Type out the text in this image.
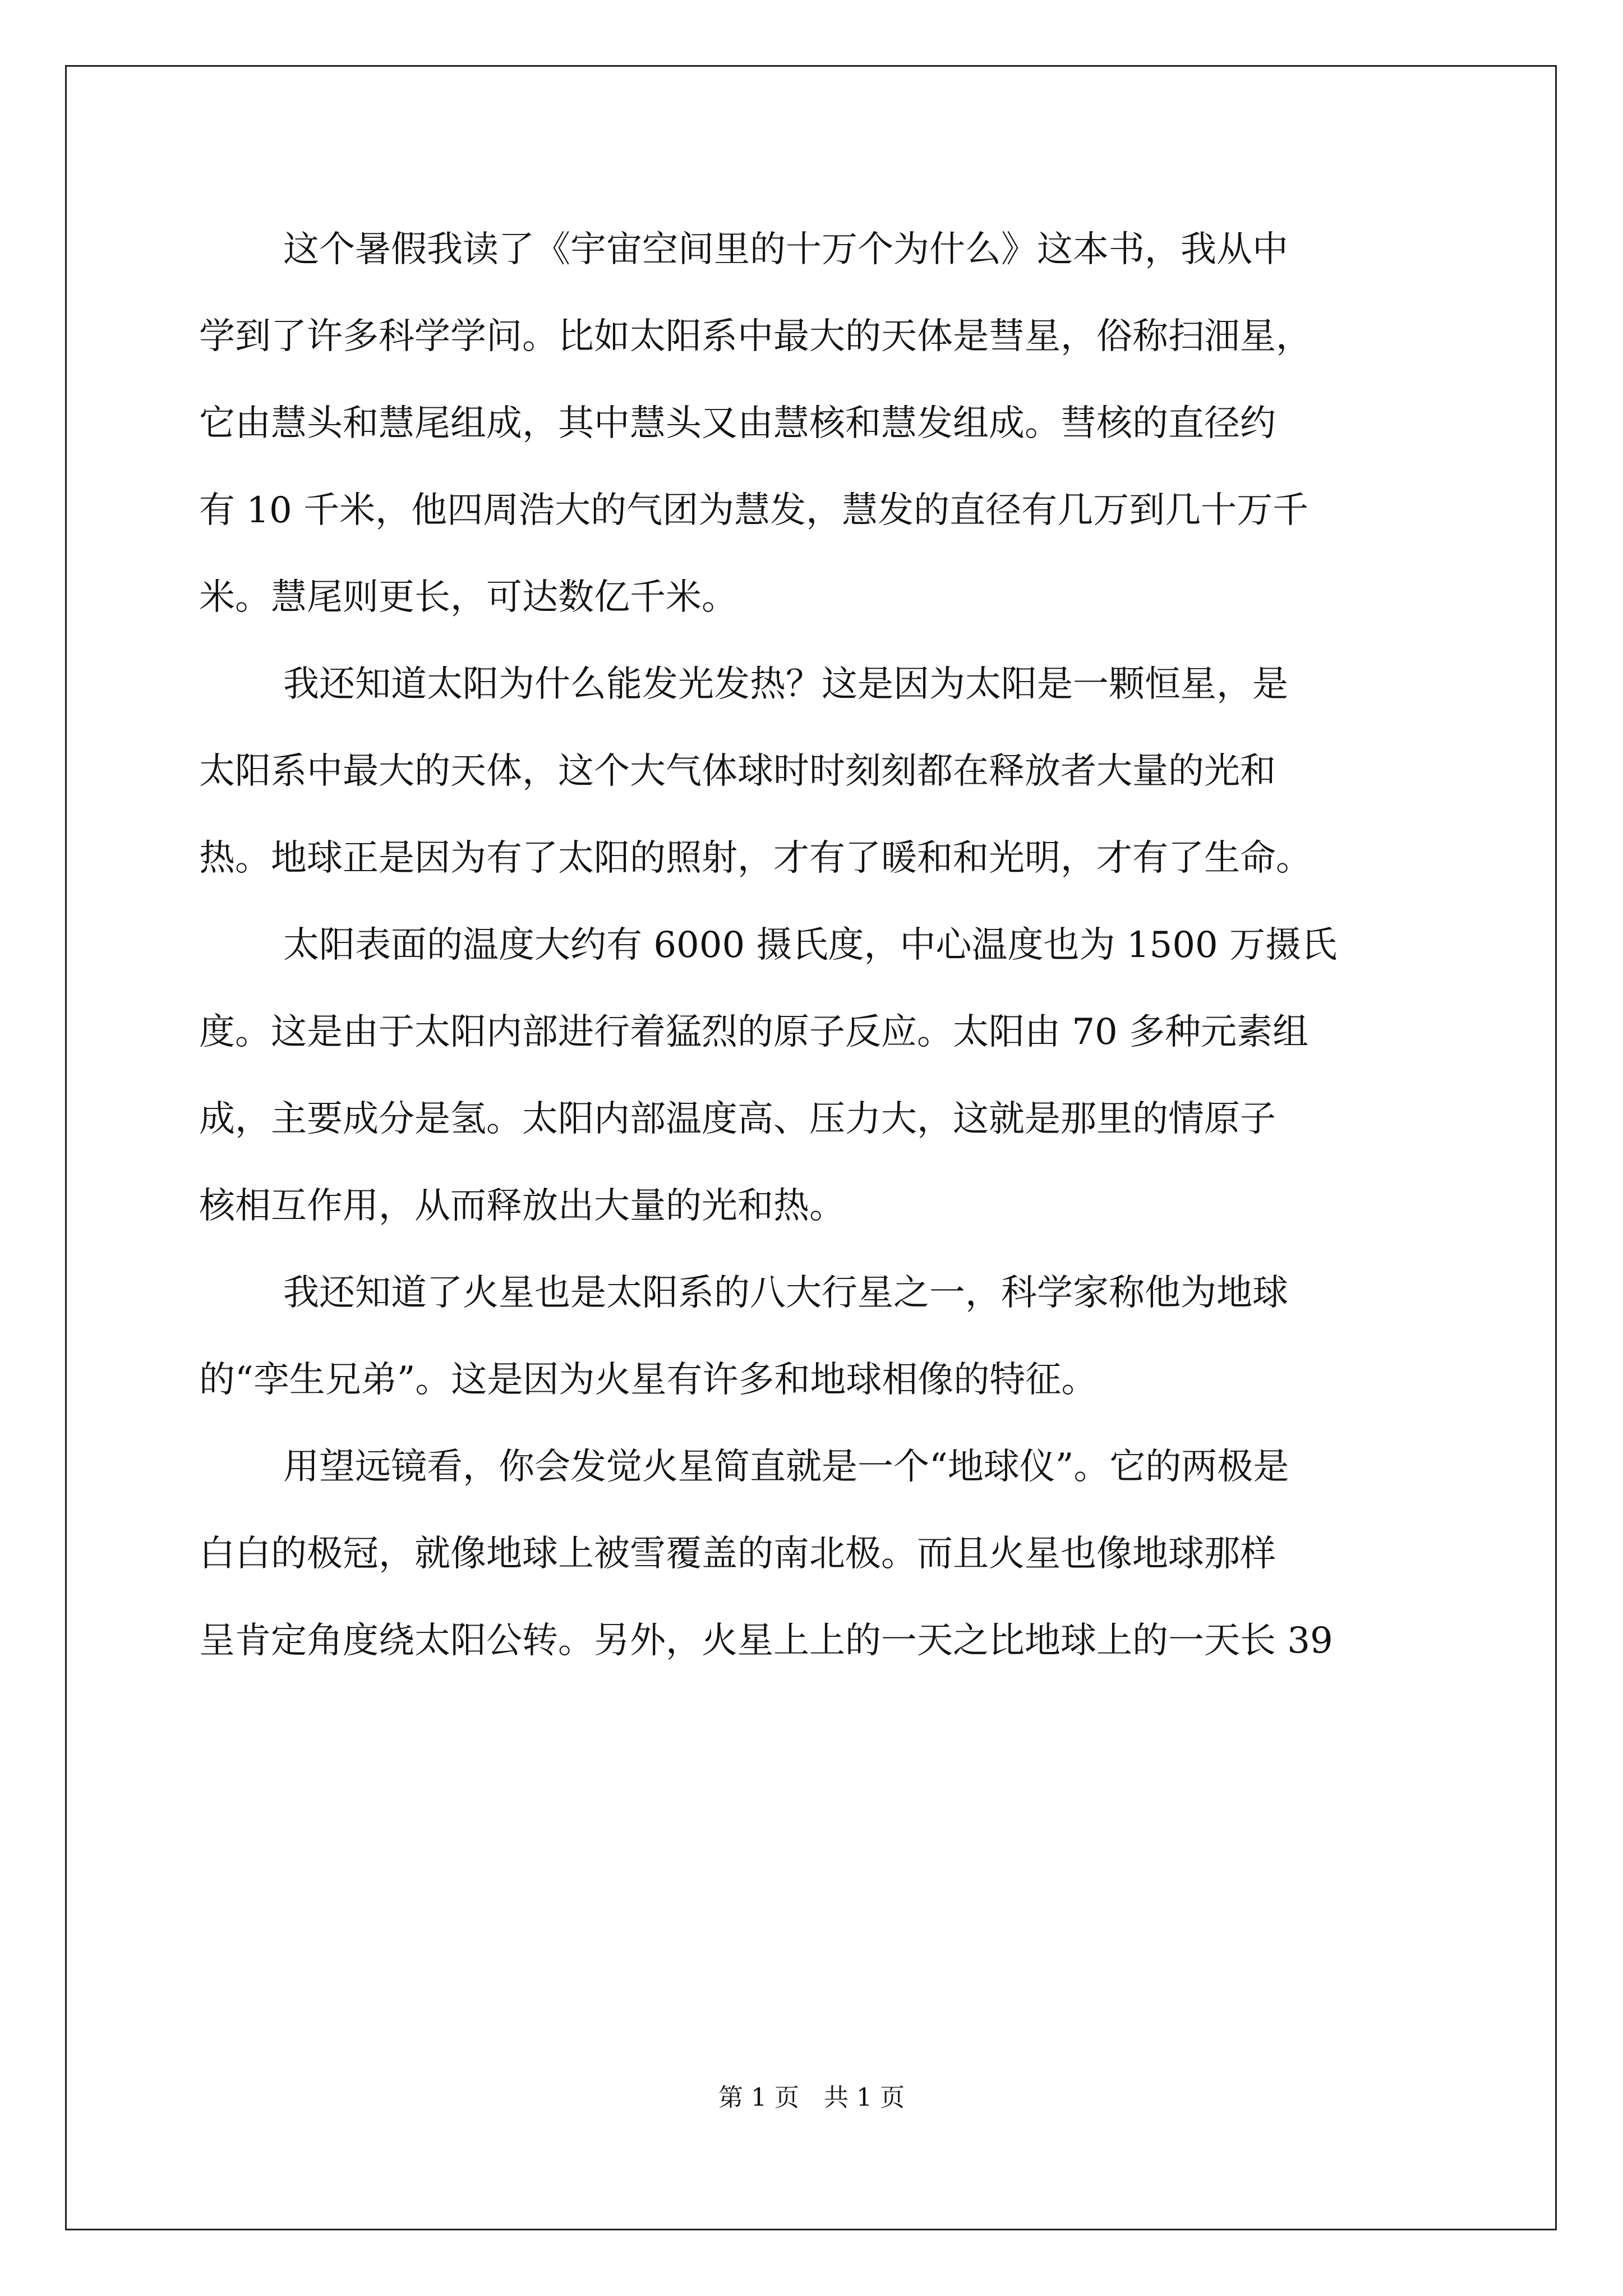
这个暑假我读了《宇宙空间里的十万个为什么》这本书，我从中
学到了许多科学学问。比如太阳系中最大的天体是彗星，俗称扫沺星，
它由慧头和慧尾组成，其中慧头又由慧核和慧发组成。彗核的直径约
有 10 千米，他四周浩大的气团为慧发，慧发的直径有几万到几十万千
米。慧尾则更长，可达数亿千米。
我还知道太阳为什么能发光发热？这是因为太阳是一颗恒星，是
太阳系中最大的天体，这个大气体球时时刻刻都在释放者大量的光和
热。地球正是因为有了太阳的照射，才有了暖和和光明，才有了生命。
太阳表面的温度大约有 6000 摄氏度，中心温度也为 1500 万摄氏
度。这是由于太阳内部进行着猛烈的原子反应。太阳由 70 多种元素组
成，主要成分是氢。太阳内部温度高、压力大，这就是那里的情原子
核相互作用，从而释放出大量的光和热。
我还知道了火星也是太阳系的八大行星之一，科学家称他为地球
的“孪生兄弟”。这是因为火星有许多和地球相像的特征。
用望远镜看，你会发觉火星简直就是一个“地球仪”。它的两极是
白白的极冠，就像地球上被雪覆盖的南北极。而且火星也像地球那样
呈肯定角度绕太阳公转。另外，火星上上的一天之比地球上的一天长 39
第 1 页　共 1 页
